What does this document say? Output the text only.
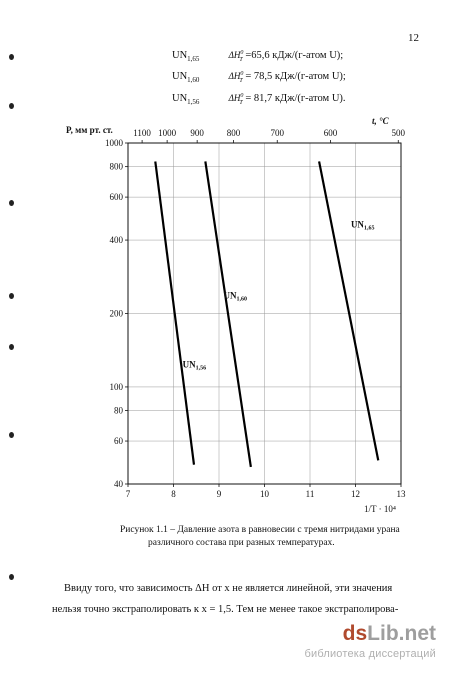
12
$UN_{1,65}$	$\Delta H^0_T =65,6$ кДж/(г-атом U);
$UN_{1,60}$	$\Delta H^0_T = 78,5$ кДж/(г-атом U);
$UN_{1,56}$	$\Delta H^0_T = 81,7$ кДж/(г-атом U).
7	8	9	10	11	12	13
1100 1000 900	800	700	600	500
40
60
80
100
200
400
600
800
1000
$UN_{1,65}$
$UN_{1,60}$
$UN_{1,56}$
P, мм рт. ст.
t, °C
1/T · 10⁴
Рисунок 1.1 – Давление азота в равновесии с тремя нитридами урана
различного состава при разных температурах.
Ввиду того, что зависимость ΔH от x не является линейной, эти значения
нельзя точно экстраполировать к x = 1,5. Тем не менее такое экстраполирова-
dsLib.net
библиотека диссертаций
